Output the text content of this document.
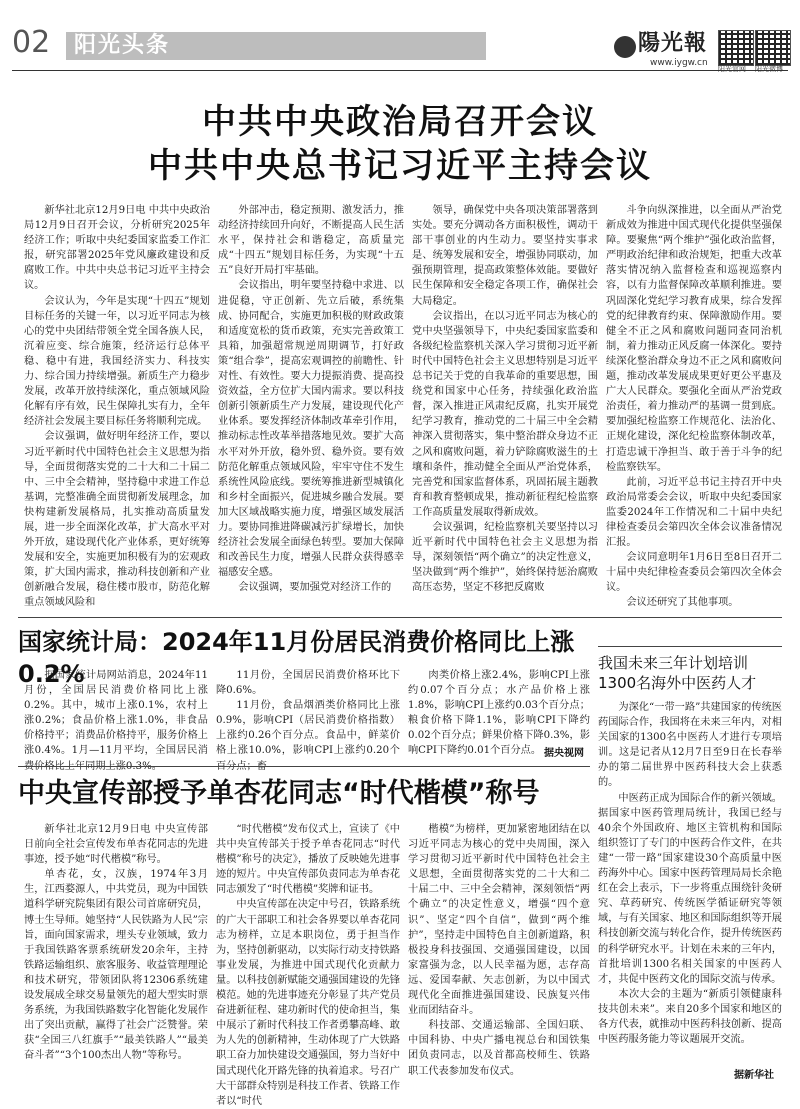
02 阳光头条	责编 张滢 校对 杨宏玲
2024年12月10日 星期二
陽光報
www.iygw.cn
阳光官网 阳光微博
中共中央政治局召开会议
中共中央总书记习近平主持会议

新华社北京12月9日电 中共中央政治局12月9日召开会议，分析研究2025年经济工作；听取中央纪委国家监委工作汇报，研究部署2025年党风廉政建设和反腐败工作。中共中央总书记习近平主持会议。

会议认为，今年是实现“十四五”规划目标任务的关键一年，以习近平同志为核心的党中央团结带领全党全国各族人民，沉着应变、综合施策，经济运行总体平稳、稳中有进，我国经济实力、科技实力、综合国力持续增强。新质生产力稳步发展，改革开放持续深化，重点领域风险化解有序有效，民生保障扎实有力，全年经济社会发展主要目标任务将顺利完成。

会议强调，做好明年经济工作，要以习近平新时代中国特色社会主义思想为指导，全面贯彻落实党的二十大和二十届二中、三中全会精神，坚持稳中求进工作总基调，完整准确全面贯彻新发展理念，加快构建新发展格局，扎实推动高质量发展，进一步全面深化改革，扩大高水平对外开放，建设现代化产业体系，更好统筹发展和安全，实施更加积极有为的宏观政策，扩大国内需求，推动科技创新和产业创新融合发展，稳住楼市股市，防范化解重点领域风险和

外部冲击，稳定预期、激发活力，推动经济持续回升向好，不断提高人民生活水平，保持社会和谐稳定，高质量完成“十四五”规划目标任务，为实现“十五五”良好开局打牢基础。

会议指出，明年要坚持稳中求进、以进促稳，守正创新、先立后破，系统集成、协同配合，实施更加积极的财政政策和适度宽松的货币政策，充实完善政策工具箱，加强超常规逆周期调节，打好政策“组合拳”，提高宏观调控的前瞻性、针对性、有效性。要大力提振消费、提高投资效益，全方位扩大国内需求。要以科技创新引领新质生产力发展，建设现代化产业体系。要发挥经济体制改革牵引作用，推动标志性改革举措落地见效。要扩大高水平对外开放，稳外贸、稳外资。要有效防范化解重点领域风险，牢牢守住不发生系统性风险底线。要统筹推进新型城镇化和乡村全面振兴，促进城乡融合发展。要加大区域战略实施力度，增强区域发展活力。要协同推进降碳减污扩绿增长，加快经济社会发展全面绿色转型。要加大保障和改善民生力度，增强人民群众获得感幸福感安全感。

会议强调，要加强党对经济工作的

领导，确保党中央各项决策部署落到实处。要充分调动各方面积极性，调动干部干事创业的内生动力。要坚持实事求是、统筹发展和安全，增强协同联动，加强预期管理，提高政策整体效能。要做好民生保障和安全稳定各项工作，确保社会大局稳定。

会议指出，在以习近平同志为核心的党中央坚强领导下，中央纪委国家监委和各级纪检监察机关深入学习贯彻习近平新时代中国特色社会主义思想特别是习近平总书记关于党的自我革命的重要思想，围绕党和国家中心任务，持续强化政治监督，深入推进正风肃纪反腐，扎实开展党纪学习教育，推动党的二十届三中全会精神深入贯彻落实，集中整治群众身边不正之风和腐败问题，着力铲除腐败滋生的土壤和条件，推动健全全面从严治党体系，完善党和国家监督体系，巩固拓展主题教育和教育整顿成果，推动新征程纪检监察工作高质量发展取得新成效。

会议强调，纪检监察机关要坚持以习近平新时代中国特色社会主义思想为指导，深刻领悟“两个确立”的决定性意义，坚决做到“两个维护”，始终保持惩治腐败高压态势，坚定不移把反腐败

斗争向纵深推进，以全面从严治党新成效为推进中国式现代化提供坚强保障。要聚焦“两个维护”强化政治监督，严明政治纪律和政治规矩，把重大改革落实情况纳入监督检查和巡视巡察内容，以有力监督保障改革顺利推进。要巩固深化党纪学习教育成果，综合发挥党的纪律教育约束、保障激励作用。要健全不正之风和腐败问题同查同治机制，着力推动正风反腐一体深化。要持续深化整治群众身边不正之风和腐败问题，推动改革发展成果更好更公平惠及广大人民群众。要强化全面从严治党政治责任，着力推动严的基调一贯到底。要加强纪检监察工作规范化、法治化、正规化建设，深化纪检监察体制改革，打造忠诚干净担当、敢于善于斗争的纪检监察铁军。

此前，习近平总书记主持召开中央政治局常委会会议，听取中央纪委国家监委2024年工作情况和二十届中央纪律检查委员会第四次全体会议准备情况汇报。

会议同意明年1月6日至8日召开二十届中央纪律检查委员会第四次全体会议。

会议还研究了其他事项。

国家统计局：2024年11月份居民消费价格同比上涨0.2%

据国家统计局网站消息，2024年11月份，全国居民消费价格同比上涨0.2%。其中，城市上涨0.1%，农村上涨0.2%；食品价格上涨1.0%，非食品价格持平；消费品价格持平，服务价格上涨0.4%。1月—11月平均，全国居民消费价格比上年同期上涨0.3%。

11月份，全国居民消费价格环比下降0.6%。

11月份，食品烟酒类价格同比上涨0.9%，影响CPI（居民消费价格指数）上涨约0.26个百分点。食品中，鲜菜价格上涨10.0%，影响CPI上涨约0.20个百分点；畜

肉类价格上涨2.4%，影响CPI上涨约0.07个百分点；水产品价格上涨1.8%，影响CPI上涨约0.03个百分点；粮食价格下降1.1%，影响CPI下降约0.02个百分点；鲜果价格下降0.3%，影响CPI下降约0.01个百分点。 据央视网
我国未来三年计划培训
1300名海外中医药人才

为深化“一带一路”共建国家的传统医药国际合作，我国将在未来三年内，对相关国家的1300名中医药人才进行专项培训。这是记者从12月7日至9日在长春举办的第二届世界中医药科技大会上获悉的。

中医药正成为国际合作的新兴领域。据国家中医药管理局统计，我国已经与40余个外国政府、地区主管机构和国际组织签订了专门的中医药合作文件，在共建“一带一路”国家建设30个高质量中医药海外中心。国家中医药管理局局长余艳红在会上表示，下一步将重点围绕针灸研究、草药研究、传统医学循证研究等领域，与有关国家、地区和国际组织等开展科技创新交流与转化合作，提升传统医药的科学研究水平。计划在未来的三年内，首批培训1300名相关国家的中医药人才，共促中医药文化的国际交流与传承。

本次大会的主题为“新质引领健康科技共创未来”。来自20多个国家和地区的各方代表，就推动中医药科技创新、提高中医药服务能力等议题展开交流。

据新华社
中央宣传部授予单杏花同志“时代楷模”称号

新华社北京12月9日电 中央宣传部日前向全社会宣传发布单杏花同志的先进事迹，授予她“时代楷模”称号。

单杏花，女，汉族，1974年3月生，江西婺源人，中共党员，现为中国铁道科学研究院集团有限公司首席研究员，博士生导师。她坚持“人民铁路为人民”宗旨，面向国家需求，埋头专业领域，致力于我国铁路客票系统研发20余年，主持铁路运输组织、旅客服务、收益管理理论和技术研究，带领团队将12306系统建设发展成全球交易量领先的超大型实时票务系统，为我国铁路数字化智能化发展作出了突出贡献，赢得了社会广泛赞誉。荣获“全国三八红旗手”“最美铁路人”“最美奋斗者”“3个100杰出人物”等称号。

“时代楷模”发布仪式上，宣读了《中共中央宣传部关于授予单杏花同志“时代楷模”称号的决定》，播放了反映她先进事迹的短片。中央宣传部负责同志为单杏花同志颁发了“时代楷模”奖牌和证书。

中央宣传部在决定中号召，铁路系统的广大干部职工和社会各界要以单杏花同志为榜样，立足本职岗位，勇于担当作为，坚持创新驱动，以实际行动支持铁路事业发展，为推进中国式现代化贡献力量。以科技创新赋能交通强国建设的先锋模范。她的先进事迹充分彰显了共产党员奋进新征程、建功新时代的使命担当，集中展示了新时代科技工作者勇攀高峰、敢为人先的创新精神，生动体现了广大铁路职工奋力加快建设交通强国，努力当好中国式现代化开路先锋的执着追求。号召广大干部群众特别是科技工作者、铁路工作者以“时代

楷模”为榜样，更加紧密地团结在以习近平同志为核心的党中央周围，深入学习贯彻习近平新时代中国特色社会主义思想，全面贯彻落实党的二十大和二十届二中、三中全会精神，深刻领悟“两个确立”的决定性意义，增强“四个意识”、坚定“四个自信”，做到“两个维护”，坚持走中国特色自主创新道路，积极投身科技强国、交通强国建设，以国家富强为念，以人民幸福为愿，志存高远、爱国奉献、矢志创新，为以中国式现代化全面推进强国建设、民族复兴伟业而团结奋斗。

科技部、交通运输部、全国妇联、中国科协、中央广播电视总台和国铁集团负责同志，以及首都高校师生、铁路职工代表参加发布仪式。
